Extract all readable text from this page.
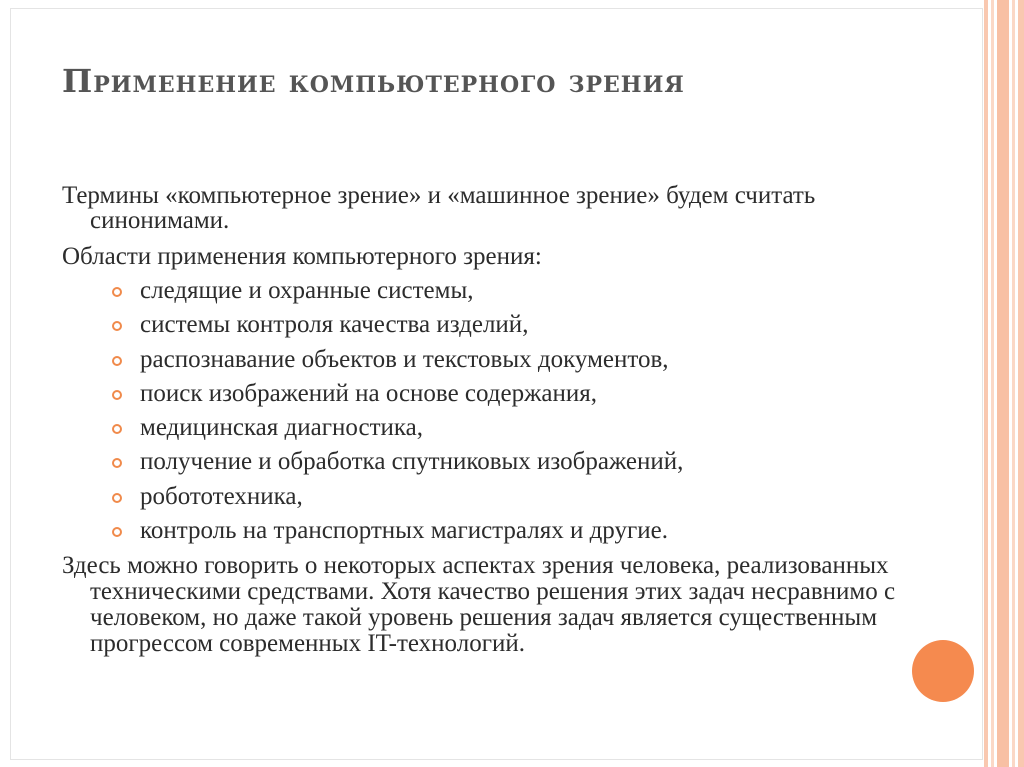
Применение компьютерного зрения

Термины «компьютерное зрение» и «машинное зрение» будем считать синонимами.

Области применения компьютерного зрения:

следящие и охранные системы,
системы контроля качества изделий,
распознавание объектов и текстовых документов,
поиск изображений на основе содержания,
медицинская диагностика,
получение и обработка спутниковых изображений,
робототехника,
контроль на транспортных магистралях и другие.

Здесь можно говорить о некоторых аспектах зрения человека, реализованных техническими средствами. Хотя качество решения этих задач несравнимо с человеком, но даже такой уровень решения задач является существенным прогрессом современных IT-технологий.
